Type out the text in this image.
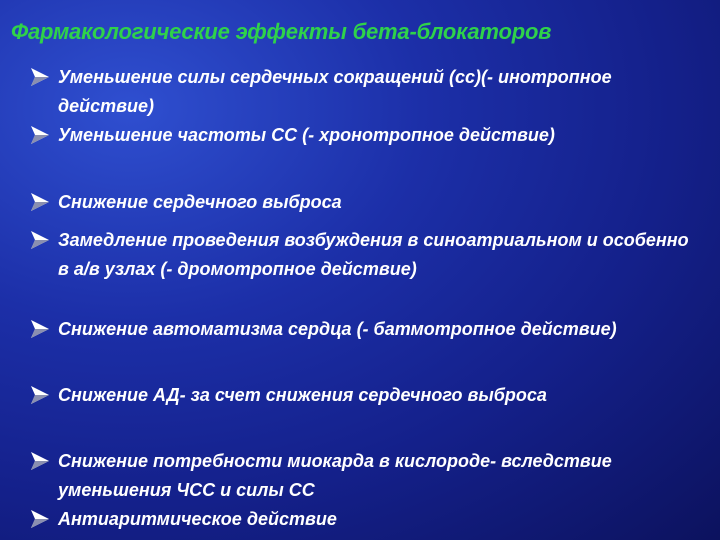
Фармакологические эффекты бета-блокаторов
Уменьшение силы сердечных сокращений (сс)(- инотропное действие)
Уменьшение частоты СС (- хронотропное действие)
Снижение сердечного выброса
Замедление проведения возбуждения в синоатриальном и особенно в а/в узлах (- дромотропное действие)
Снижение автоматизма сердца (- батмотропное действие)
Снижение АД- за счет снижения сердечного выброса
Снижение потребности миокарда в кислороде- вследствие уменьшения ЧСС и силы СС
Антиаритмическое действие
